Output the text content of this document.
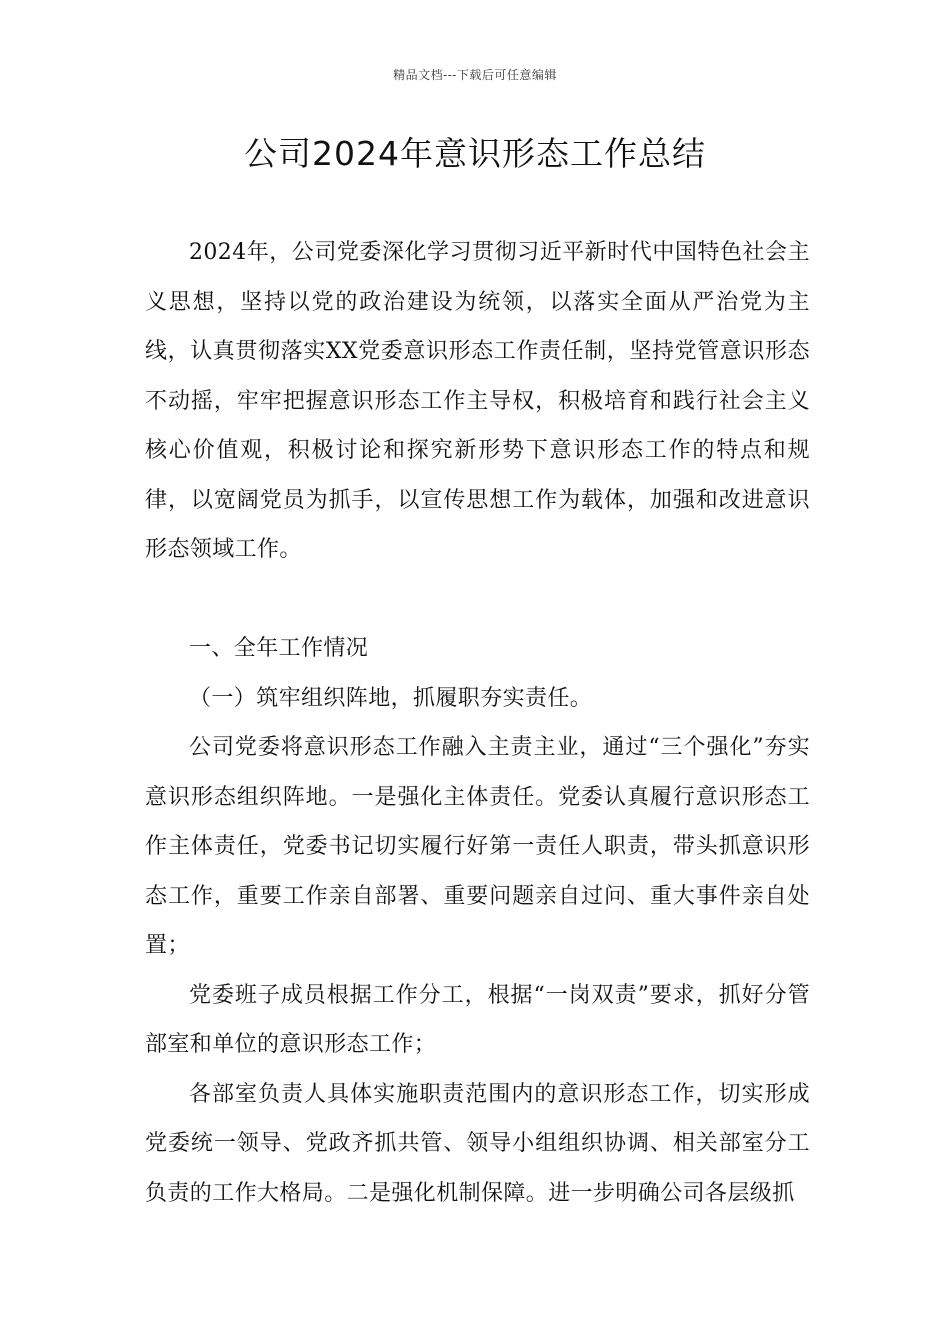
精品文档---下载后可任意编辑
公司2024年意识形态工作总结

2024年，公司党委深化学习贯彻习近平新时代中国特色社会主义思想，坚持以党的政治建设为统领，以落实全面从严治党为主线，认真贯彻落实XX党委意识形态工作责任制，坚持党管意识形态不动摇，牢牢把握意识形态工作主导权，积极培育和践行社会主义核心价值观，积极讨论和探究新形势下意识形态工作的特点和规律，以宽阔党员为抓手，以宣传思想工作为载体，加强和改进意识形态领域工作。

一、全年工作情况

（一）筑牢组织阵地，抓履职夯实责任。

公司党委将意识形态工作融入主责主业，通过“三个强化”夯实意识形态组织阵地。一是强化主体责任。党委认真履行意识形态工作主体责任，党委书记切实履行好第一责任人职责，带头抓意识形态工作，重要工作亲自部署、重要问题亲自过问、重大事件亲自处置；

党委班子成员根据工作分工，根据“一岗双责”要求，抓好分管部室和单位的意识形态工作；

各部室负责人具体实施职责范围内的意识形态工作，切实形成党委统一领导、党政齐抓共管、领导小组组织协调、相关部室分工负责的工作大格局。二是强化机制保障。进一步明确公司各层级抓
